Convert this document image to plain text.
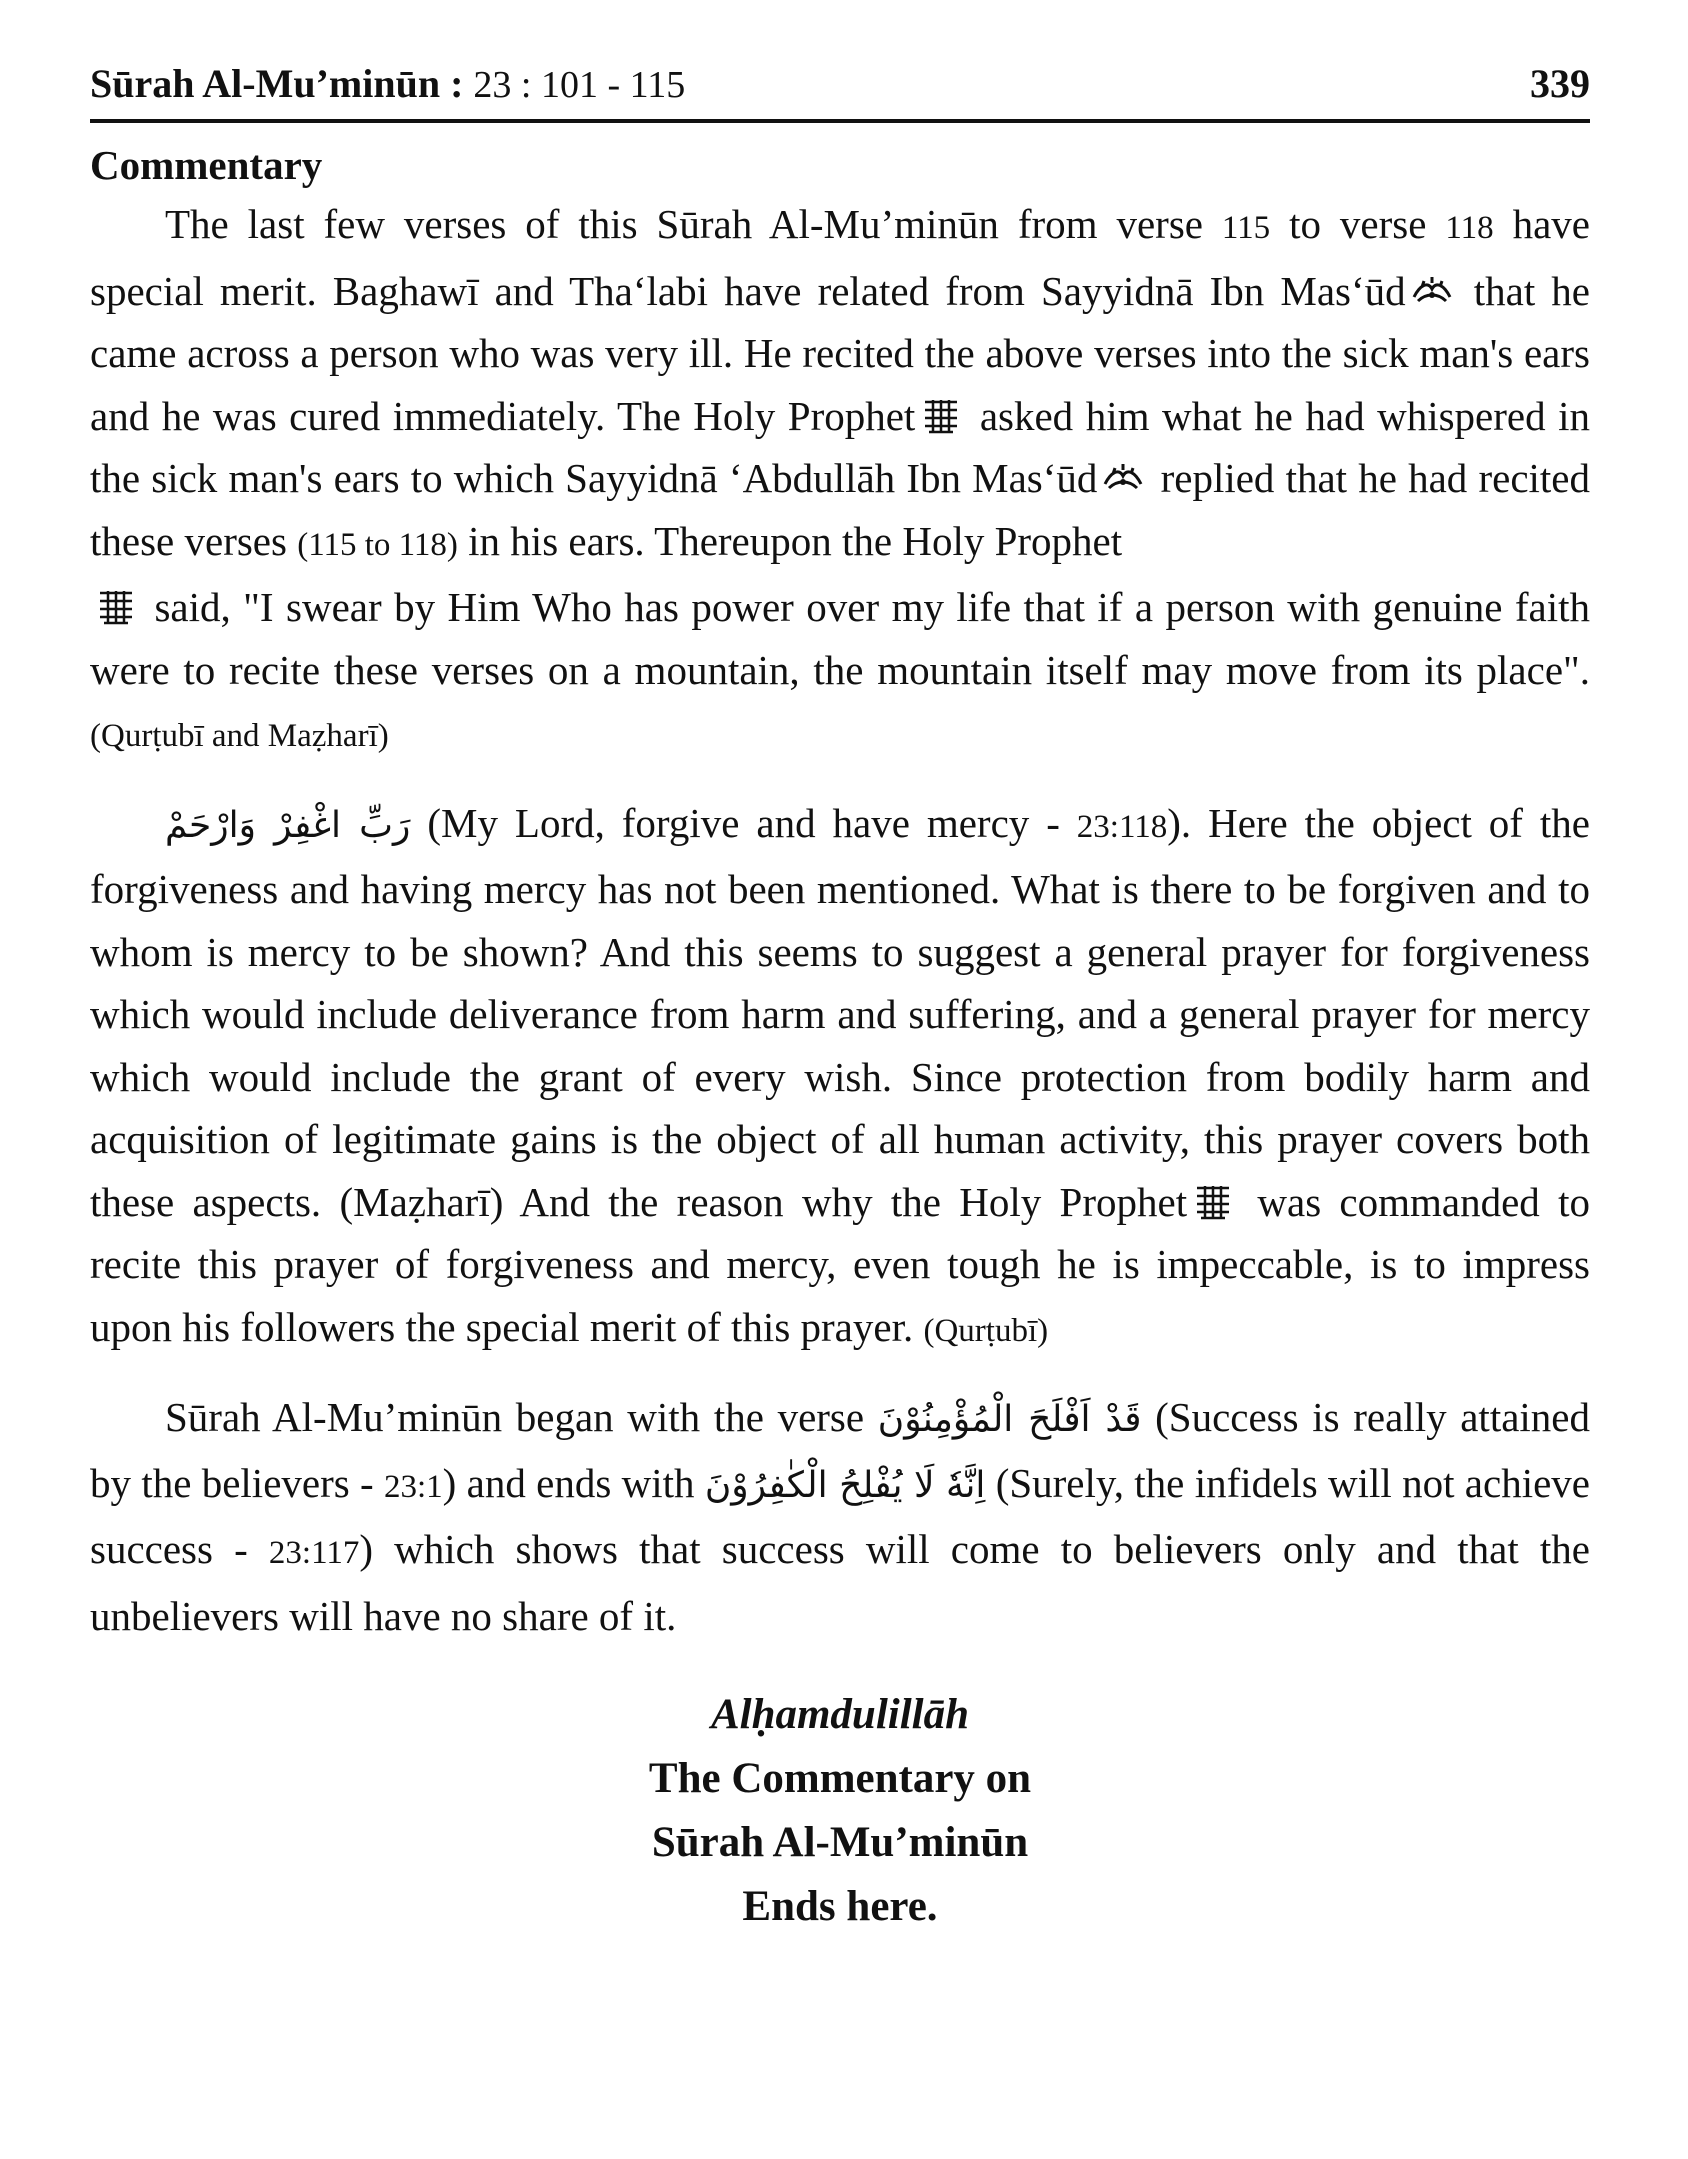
Sūrah Al-Mu’minūn : 23 : 101 - 115	339
Commentary

The last few verses of this Sūrah Al-Mu’minūn from verse 115 to verse 118 have special merit. Baghawī and Tha‘labi have related from Sayyidnā Ibn Mas‘ūd that he came across a person who was very ill. He recited the above verses into the sick man's ears and he was cured immediately. The Holy Prophet asked him what he had whispered in the sick man's ears to which Sayyidnā ‘Abdullāh Ibn Mas‘ūd replied that he had recited these verses (115 to 118) in his ears. Thereupon the Holy Prophet
said, "I swear by Him Who has power over my life that if a person with genuine faith were to recite these verses on a mountain, the mountain itself may move from its place". (Qurṭubī and Maẓharī)

رَبِّ اغْفِرْ وَارْحَمْ (My Lord, forgive and have mercy - 23:118). Here the object of the forgiveness and having mercy has not been mentioned. What is there to be forgiven and to whom is mercy to be shown? And this seems to suggest a general prayer for forgiveness which would include deliverance from harm and suffering, and a general prayer for mercy which would include the grant of every wish. Since protection from bodily harm and acquisition of legitimate gains is the object of all human activity, this prayer covers both these aspects. (Maẓharī) And the reason why the Holy Prophet was commanded to recite this prayer of forgiveness and mercy, even tough he is impeccable, is to impress upon his followers the special merit of this prayer. (Qurṭubī)

Sūrah Al-Mu’minūn began with the verse قَدْ اَفْلَحَ الْمُؤْمِنُوْنَ (Success is really attained by the believers - 23:1) and ends with اِنَّهٗ لَا يُفْلِحُ الْكٰفِرُوْنَ (Surely, the infidels will not achieve success - 23:117) which shows that success will come to believers only and that the unbelievers will have no share of it.

Alḥamdulillāh
The Commentary on
Sūrah Al-Mu’minūn
Ends here.
